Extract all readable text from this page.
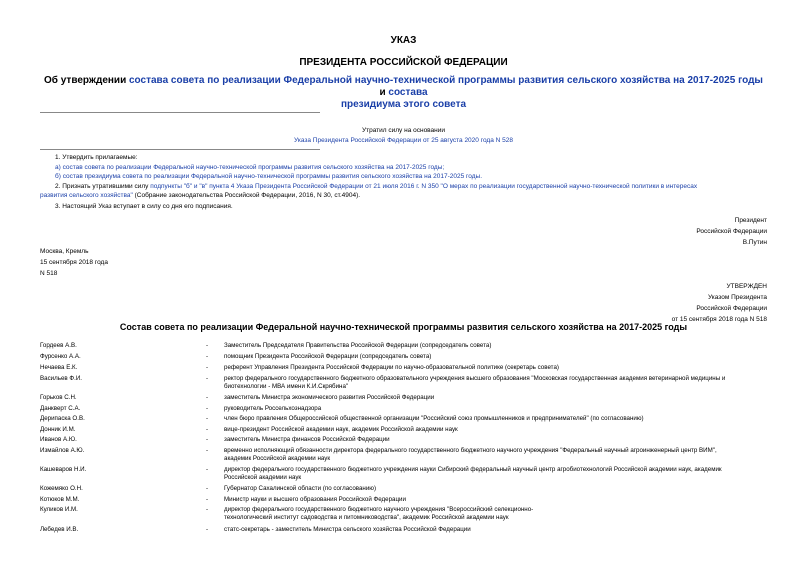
УКАЗ
ПРЕЗИДЕНТА РОССИЙСКОЙ ФЕДЕРАЦИИ
Об утверждении состава совета по реализации Федеральной научно-технической программы развития сельского хозяйства на 2017-2025 годы и состава
президиума этого совета
Утратил силу на основании
Указа Президента Российской Федерации от 25 августа 2020 года N 528
1. Утвердить прилагаемые:
а) состав совета по реализации Федеральной научно-технической программы развития сельского хозяйства на 2017-2025 годы;
б) состав президиума совета по реализации Федеральной научно-технической программы развития сельского хозяйства на 2017-2025 годы.
2. Признать утратившими силу подпункты "б" и "в" пункта 4 Указа Президента Российской Федерации от 21 июля 2016 г. N 350 "О мерах по реализации государственной научно-технической политики в интересах
развития сельского хозяйства" (Собрание законодательства Российской Федерации, 2016, N 30, ст.4904).
3. Настоящий Указ вступает в силу со дня его подписания.
Президент
Российской Федерации
В.Путин
Москва, Кремль
15 сентября 2018 года
N 518
УТВЕРЖДЕН
Указом Президента
Российской Федерации
от 15 сентября 2018 года N 518
Состав совета по реализации Федеральной научно-технической программы развития сельского хозяйства на 2017-2025 годы
Гордеев А.В.	-	Заместитель Председателя Правительства Российской Федерации (сопредседатель совета)
Фурсенко А.А.	-	помощник Президента Российской Федерации (сопредседатель совета)
Нечаева Е.К.	-	референт Управления Президента Российской Федерации по научно-образовательной политике (секретарь совета)
Васильев Ф.И.	-	ректор федерального государственного бюджетного образовательного учреждения высшего образования "Московская государственная академия ветеринарной медицины и
биотехнологии - МВА имени К.И.Скрябина"
Горьков С.Н.	-	заместитель Министра экономического развития Российской Федерации
Данкверт С.А.	-	руководитель Россельхознадзора
Дерипаска О.В.	-	член бюро правления Общероссийской общественной организации "Российский союз промышленников и предпринимателей" (по согласованию)
Донник И.М.	-	вице-президент Российской академии наук, академик Российской академии наук
Иванов А.Ю.	-	заместитель Министра финансов Российской Федерации
Измайлов А.Ю.	-	временно исполняющий обязанности директора федерального государственного бюджетного научного учреждения "Федеральный научный агроинженерный центр ВИМ",
академик Российской академии наук
Кашеваров Н.И.	-	директор федерального государственного бюджетного учреждения науки Сибирский федеральный научный центр агробиотехнологий Российской академии наук, академик
Российской академии наук
Кожемяко О.Н.	-	Губернатор Сахалинской области (по согласованию)
Котюков М.М.	-	Министр науки и высшего образования Российской Федерации
Куликов И.М.	-	директор федерального государственного бюджетного научного учреждения "Всероссийский селекционно-
технологический институт садоводства и питомниководства", академик Российской академии наук
Лебедев И.В.	-	статс-секретарь - заместитель Министра сельского хозяйства Российской Федерации
